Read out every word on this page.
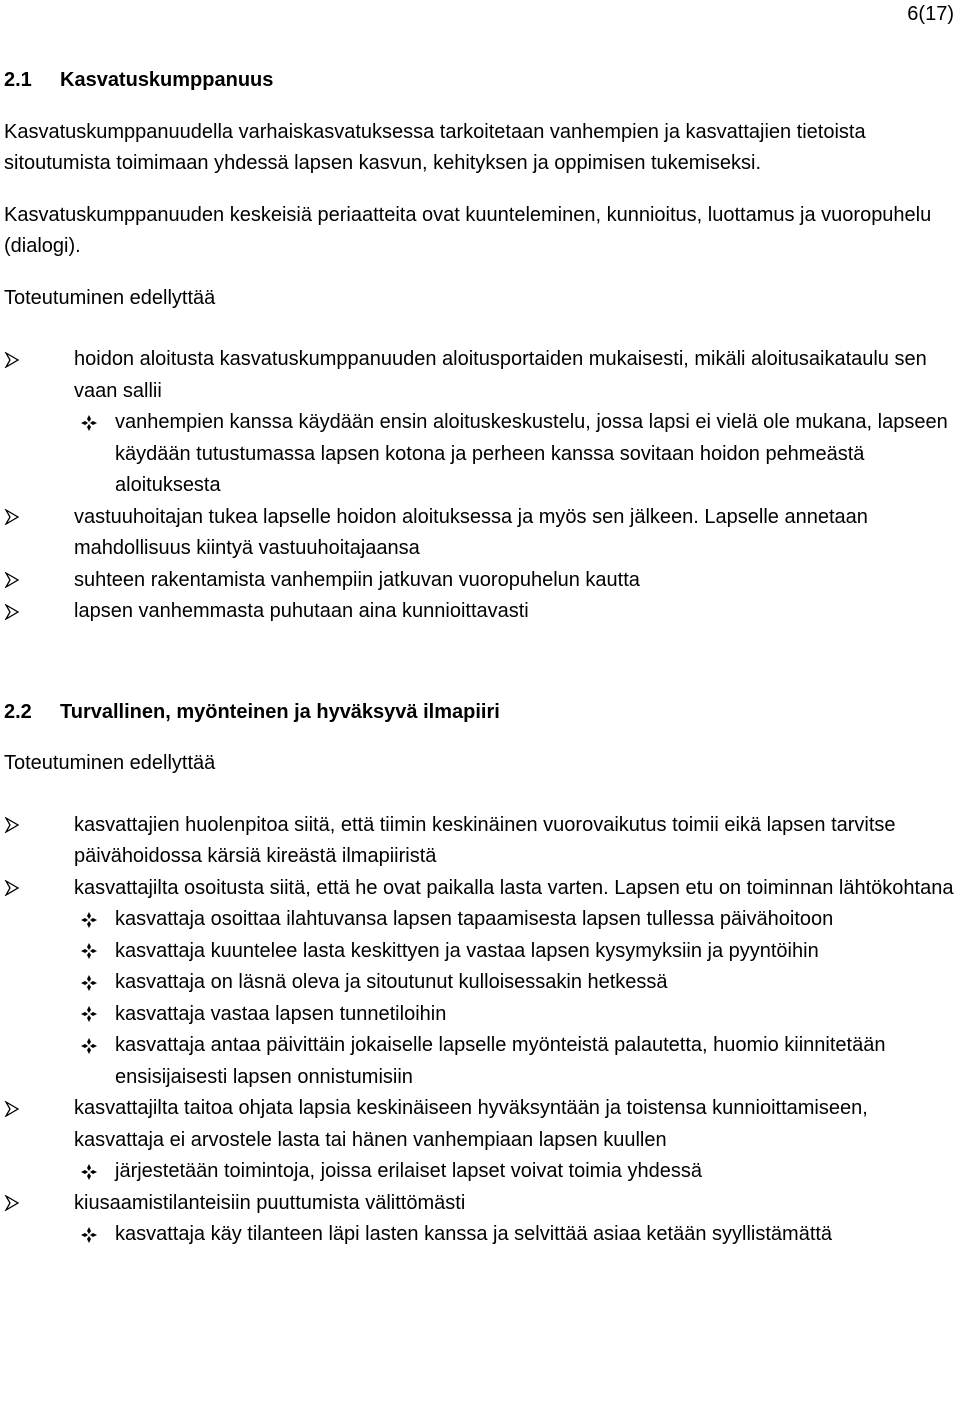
6(17)
2.1 Kasvatuskumppanuus

Kasvatuskumppanuudella varhaiskasvatuksessa tarkoitetaan vanhempien ja kasvattajien tietoista sitoutumista toimimaan yhdessä lapsen kasvun, kehityksen ja oppimisen tukemiseksi.

Kasvatuskumppanuuden keskeisiä periaatteita ovat kuunteleminen, kunnioitus, luottamus ja vuoropuhelu (dialogi).

Toteutuminen edellyttää

hoidon aloitusta kasvatuskumppanuuden aloitusportaiden mukaisesti, mikäli aloitusaikataulu sen vaan sallii
vanhempien kanssa käydään ensin aloituskeskustelu, jossa lapsi ei vielä ole mukana, lapseen käydään tutustumassa lapsen kotona ja perheen kanssa sovitaan hoidon pehmeästä aloituksesta
vastuuhoitajan tukea lapselle hoidon aloituksessa ja myös sen jälkeen. Lapselle annetaan mahdollisuus kiintyä vastuuhoitajaansa
suhteen rakentamista vanhempiin jatkuvan vuoropuhelun kautta
lapsen vanhemmasta puhutaan aina kunnioittavasti
2.2 Turvallinen, myönteinen ja hyväksyvä ilmapiiri

Toteutuminen edellyttää

kasvattajien huolenpitoa siitä, että tiimin keskinäinen vuorovaikutus toimii eikä lapsen tarvitse päivähoidossa kärsiä kireästä ilmapiiristä
kasvattajilta osoitusta siitä, että he ovat paikalla lasta varten. Lapsen etu on toiminnan lähtökohtana
kasvattaja osoittaa ilahtuvansa lapsen tapaamisesta lapsen tullessa päivähoitoon
kasvattaja kuuntelee lasta keskittyen ja vastaa lapsen kysymyksiin ja pyyntöihin
kasvattaja on läsnä oleva ja sitoutunut kulloisessakin hetkessä
kasvattaja vastaa lapsen tunnetiloihin
kasvattaja antaa päivittäin jokaiselle lapselle myönteistä palautetta, huomio kiinnitetään ensisijaisesti lapsen onnistumisiin
kasvattajilta taitoa ohjata lapsia keskinäiseen hyväksyntään ja toistensa kunnioittamiseen, kasvattaja ei arvostele lasta tai hänen vanhempiaan lapsen kuullen
järjestetään toimintoja, joissa erilaiset lapset voivat toimia yhdessä
kiusaamistilanteisiin puuttumista välittömästi
kasvattaja käy tilanteen läpi lasten kanssa ja selvittää asiaa ketään syyllistämättä
